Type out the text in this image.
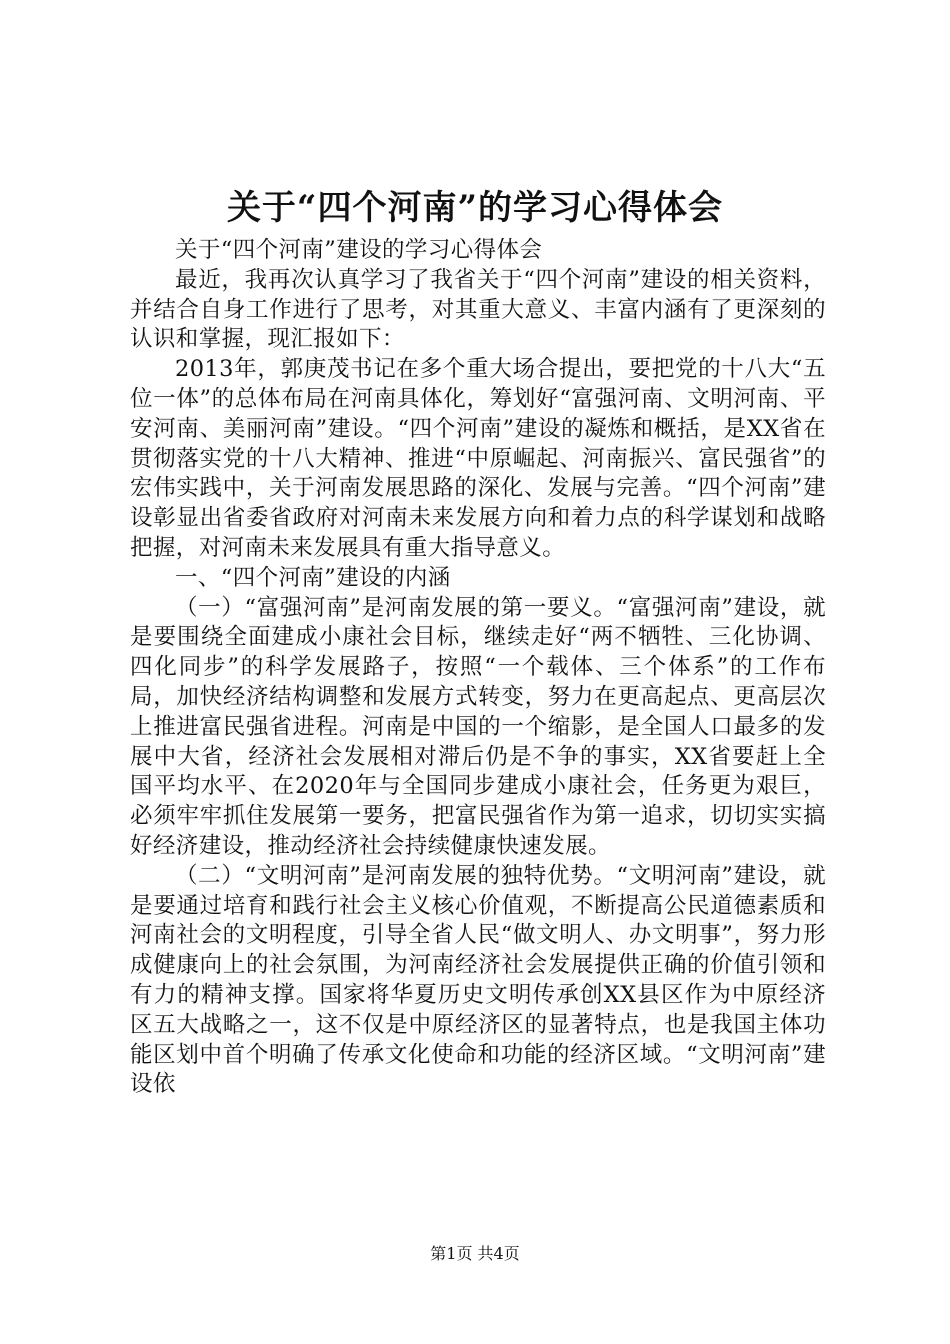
关于“四个河南”的学习心得体会

关于“四个河南”建设的学习心得体会

最近，我再次认真学习了我省关于“四个河南”建设的相关资料，并结合自身工作进行了思考，对其重大意义、丰富内涵有了更深刻的认识和掌握，现汇报如下：

2013年，郭庚茂书记在多个重大场合提出，要把党的十八大“五位一体”的总体布局在河南具体化，筹划好“富强河南、文明河南、平安河南、美丽河南”建设。“四个河南”建设的凝炼和概括，是XX省在贯彻落实党的十八大精神、推进“中原崛起、河南振兴、富民强省”的宏伟实践中，关于河南发展思路的深化、发展与完善。“四个河南”建设彰显出省委省政府对河南未来发展方向和着力点的科学谋划和战略把握，对河南未来发展具有重大指导意义。

一、“四个河南”建设的内涵

（一）“富强河南”是河南发展的第一要义。“富强河南”建设，就是要围绕全面建成小康社会目标，继续走好“两不牺牲、三化协调、四化同步”的科学发展路子，按照“一个载体、三个体系”的工作布局，加快经济结构调整和发展方式转变，努力在更高起点、更高层次上推进富民强省进程。河南是中国的一个缩影，是全国人口最多的发展中大省，经济社会发展相对滞后仍是不争的事实，XX省要赶上全国平均水平、在2020年与全国同步建成小康社会，任务更为艰巨，必须牢牢抓住发展第一要务，把富民强省作为第一追求，切切实实搞好经济建设，推动经济社会持续健康快速发展。

（二）“文明河南”是河南发展的独特优势。“文明河南”建设，就是要通过培育和践行社会主义核心价值观，不断提高公民道德素质和河南社会的文明程度，引导全省人民“做文明人、办文明事”，努力形成健康向上的社会氛围，为河南经济社会发展提供正确的价值引领和有力的精神支撑。国家将华夏历史文明传承创XX县区作为中原经济区五大战略之一，这不仅是中原经济区的显著特点，也是我国主体功能区划中首个明确了传承文化使命和功能的经济区域。“文明河南”建设依

第1页 共4页
